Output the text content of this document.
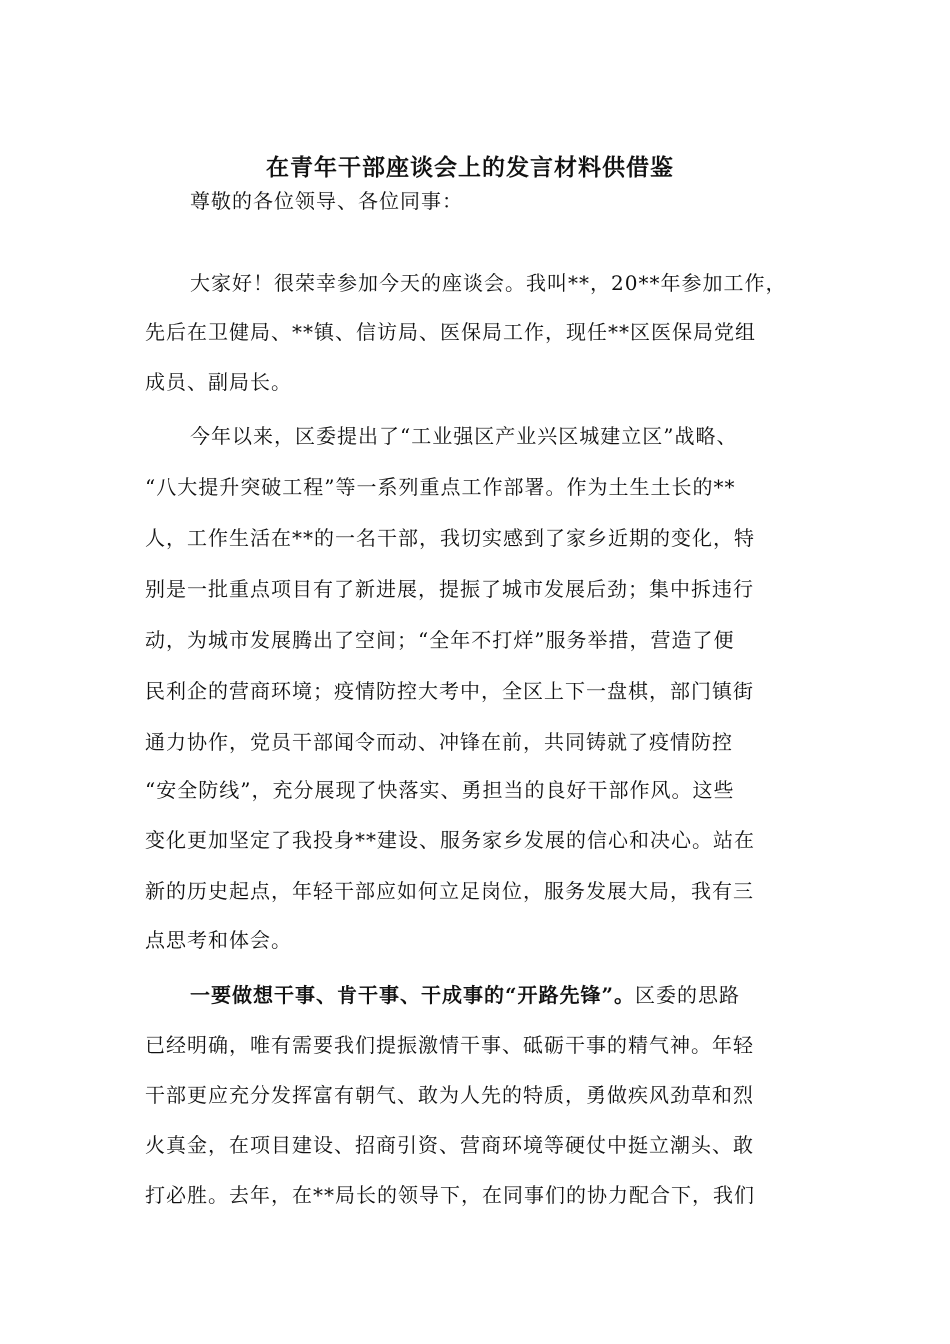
在青年干部座谈会上的发言材料供借鉴
尊敬的各位领导、各位同事：
大家好！很荣幸参加今天的座谈会。我叫**，20**年参加工作，
先后在卫健局、**镇、信访局、医保局工作，现任**区医保局党组
成员、副局长。
今年以来，区委提出了“工业强区产业兴区城建立区”战略、
“八大提升突破工程”等一系列重点工作部署。作为土生土长的**
人，工作生活在**的一名干部，我切实感到了家乡近期的变化，特
别是一批重点项目有了新进展，提振了城市发展后劲；集中拆违行
动，为城市发展腾出了空间；“全年不打烊”服务举措，营造了便
民利企的营商环境；疫情防控大考中，全区上下一盘棋，部门镇街
通力协作，党员干部闻令而动、冲锋在前，共同铸就了疫情防控
“安全防线”，充分展现了快落实、勇担当的良好干部作风。这些
变化更加坚定了我投身**建设、服务家乡发展的信心和决心。站在
新的历史起点，年轻干部应如何立足岗位，服务发展大局，我有三
点思考和体会。
一要做想干事、肯干事、干成事的“开路先锋”。区委的思路
已经明确，唯有需要我们提振激情干事、砥砺干事的精气神。年轻
干部更应充分发挥富有朝气、敢为人先的特质，勇做疾风劲草和烈
火真金，在项目建设、招商引资、营商环境等硬仗中挺立潮头、敢
打必胜。去年，在**局长的领导下，在同事们的协力配合下，我们
